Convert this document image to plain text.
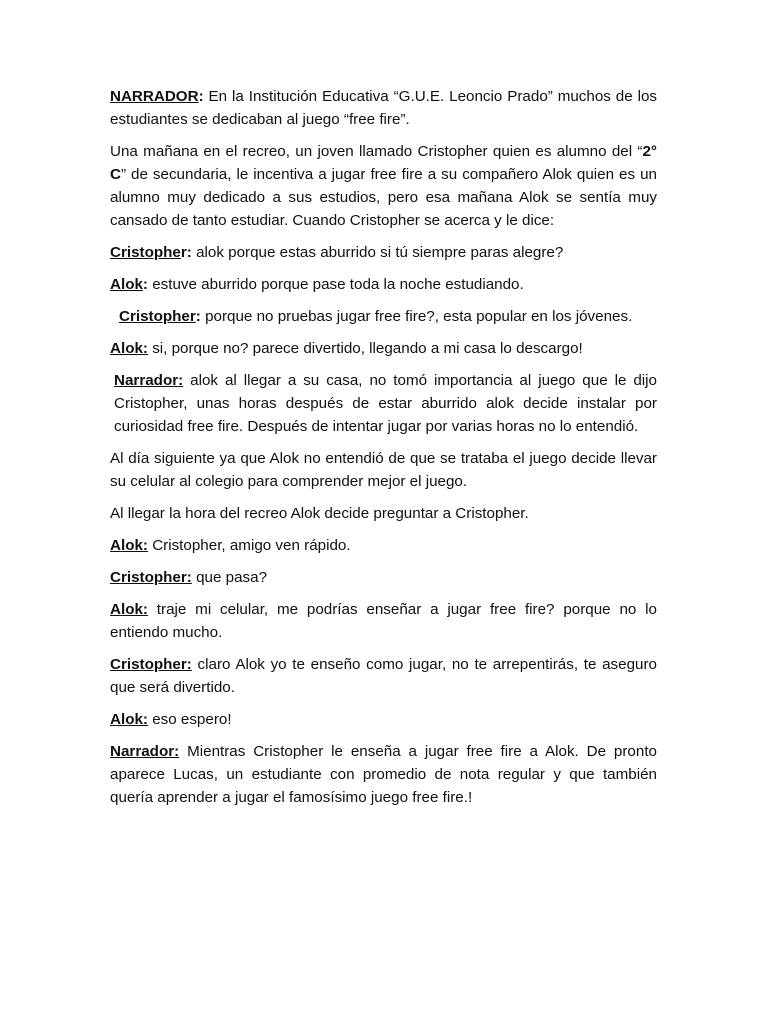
NARRADOR: En la Institución Educativa “G.U.E. Leoncio Prado” muchos de los estudiantes se dedicaban al juego “free fire”.

Una mañana en el recreo, un joven llamado Cristopher quien es alumno del “2° C” de secundaria, le incentiva a jugar free fire a su compañero Alok quien es un alumno muy dedicado a sus estudios, pero esa mañana Alok se sentía muy cansado de tanto estudiar. Cuando Cristopher se acerca y le dice:

Cristopher: alok porque estas aburrido si tú siempre paras alegre?

Alok: estuve aburrido porque pase toda la noche estudiando.

Cristopher: porque no pruebas jugar free fire?, esta popular en los jóvenes.

Alok: si, porque no? parece divertido, llegando a mi casa lo descargo!

Narrador: alok al llegar a su casa, no tomó importancia al juego que le dijo Cristopher, unas horas después de estar aburrido alok decide instalar por curiosidad free fire. Después de intentar jugar por varias horas no lo entendió.

Al día siguiente ya que Alok no entendió de que se trataba el juego decide llevar su celular al colegio para comprender mejor el juego.

Al llegar la hora del recreo Alok decide preguntar a Cristopher.

Alok: Cristopher, amigo ven rápido.

Cristopher: que pasa?

Alok: traje mi celular, me podrías enseñar a jugar free fire? porque no lo entiendo mucho.

Cristopher: claro Alok yo te enseño como jugar, no te arrepentirás, te aseguro que será divertido.

Alok: eso espero!

Narrador: Mientras Cristopher le enseña a jugar free fire a Alok. De pronto aparece Lucas, un estudiante con promedio de nota regular y que también quería aprender a jugar el famosísimo juego free fire.!
